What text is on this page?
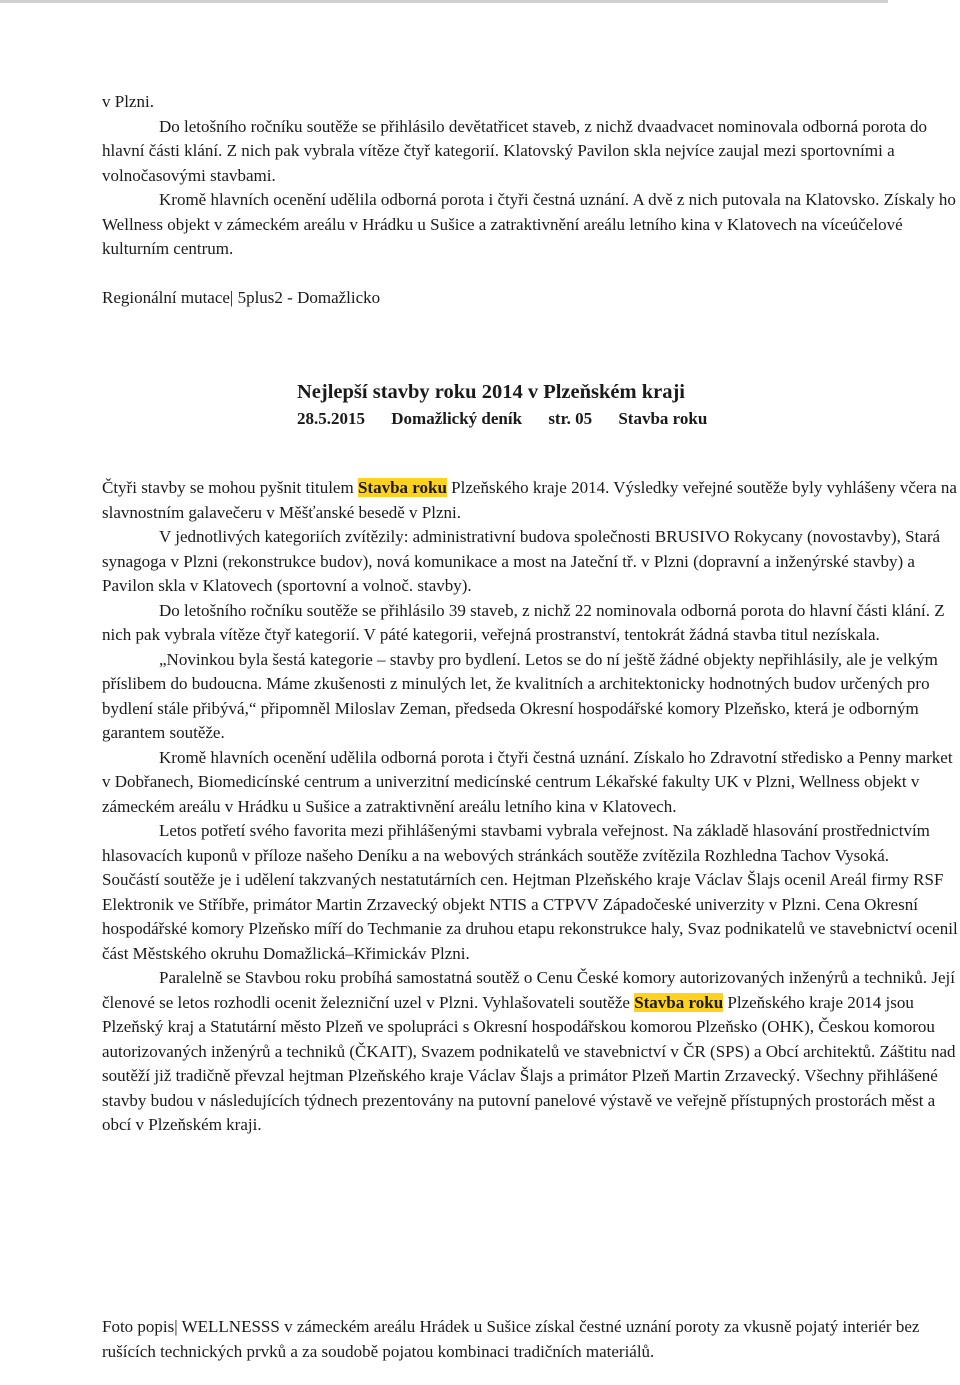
v Plzni.

Do letošního ročníku soutěže se přihlásilo devětatřicet staveb, z nichž dvaadvacet nominovala odborná porota do hlavní části klání. Z nich pak vybrala vítěze čtyř kategorií. Klatovský Pavilon skla nejvíce zaujal mezi sportovními a volnočasovými stavbami.

Kromě hlavních ocenění udělila odborná porota i čtyři čestná uznání. A dvě z nich putovala na Klatovsko. Získaly ho Wellness objekt v zámeckém areálu v Hrádku u Sušice a zatraktivnění areálu letního kina v Klatovech na víceúčelové kulturním centrum.

Regionální mutace| 5plus2 - Domažlicko

Nejlepší stavby roku 2014 v Plzeňském kraji
28.5.2015 Domažlický deník str. 05 Stavba roku

Čtyři stavby se mohou pyšnit titulem Stavba roku Plzeňského kraje 2014. Výsledky veřejné soutěže byly vyhlášeny včera na slavnostním galavečeru v Měšťanské besedě v Plzni.

V jednotlivých kategoriích zvítězily: administrativní budova společnosti BRUSIVO Rokycany (novostavby), Stará synagoga v Plzni (rekonstrukce budov), nová komunikace a most na Jateční tř. v Plzni (dopravní a inženýrské stavby) a Pavilon skla v Klatovech (sportovní a volnoč. stavby).

Do letošního ročníku soutěže se přihlásilo 39 staveb, z nichž 22 nominovala odborná porota do hlavní části klání. Z nich pak vybrala vítěze čtyř kategorií. V páté kategorii, veřejná prostranství, tentokrát žádná stavba titul nezískala.

„Novinkou byla šestá kategorie – stavby pro bydlení. Letos se do ní ještě žádné objekty nepřihlásily, ale je velkým příslibem do budoucna. Máme zkušenosti z minulých let, že kvalitních a architektonicky hodnotných budov určených pro bydlení stále přibývá,“ připomněl Miloslav Zeman, předseda Okresní hospodářské komory Plzeňsko, která je odborným garantem soutěže.

Kromě hlavních ocenění udělila odborná porota i čtyři čestná uznání. Získalo ho Zdravotní středisko a Penny market v Dobřanech, Biomedicínské centrum a univerzitní medicínské centrum Lékařské fakulty UK v Plzni, Wellness objekt v zámeckém areálu v Hrádku u Sušice a zatraktivnění areálu letního kina v Klatovech.

Letos potřetí svého favorita mezi přihlášenými stavbami vybrala veřejnost. Na základě hlasování prostřednictvím hlasovacích kuponů v příloze našeho Deníku a na webových stránkách soutěže zvítězila Rozhledna Tachov Vysoká.

Součástí soutěže je i udělení takzvaných nestatutárních cen. Hejtman Plzeňského kraje Václav Šlajs ocenil Areál firmy RSF Elektronik ve Stříbře, primátor Martin Zrzavecký objekt NTIS a CTPVV Západočeské univerzity v Plzni. Cena Okresní hospodářské komory Plzeňsko míří do Techmanie za druhou etapu rekonstrukce haly, Svaz podnikatelů ve stavebnictví ocenil část Městského okruhu Domažlická–Křimickáv Plzni.

Paralelně se Stavbou roku probíhá samostatná soutěž o Cenu České komory autorizovaných inženýrů a techniků. Její členové se letos rozhodli ocenit železniční uzel v Plzni. Vyhlašovateli soutěže Stavba roku Plzeňského kraje 2014 jsou Plzeňský kraj a Statutární město Plzeň ve spolupráci s Okresní hospodářskou komorou Plzeňsko (OHK), Českou komorou autorizovaných inženýrů a techniků (ČKAIT), Svazem podnikatelů ve stavebnictví v ČR (SPS) a Obcí architektů. Záštitu nad soutěží již tradičně převzal hejtman Plzeňského kraje Václav Šlajs a primátor Plzeň Martin Zrzavecký. Všechny přihlášené stavby budou v následujících týdnech prezentovány na putovní panelové výstavě ve veřejně přístupných prostorách měst a obcí v Plzeňském kraji.

Foto popis| WELLNESSS v zámeckém areálu Hrádek u Sušice získal čestné uznání poroty za vkusně pojatý interiér bez rušících technických prvků a za soudobě pojatou kombinaci tradičních materiálů.
